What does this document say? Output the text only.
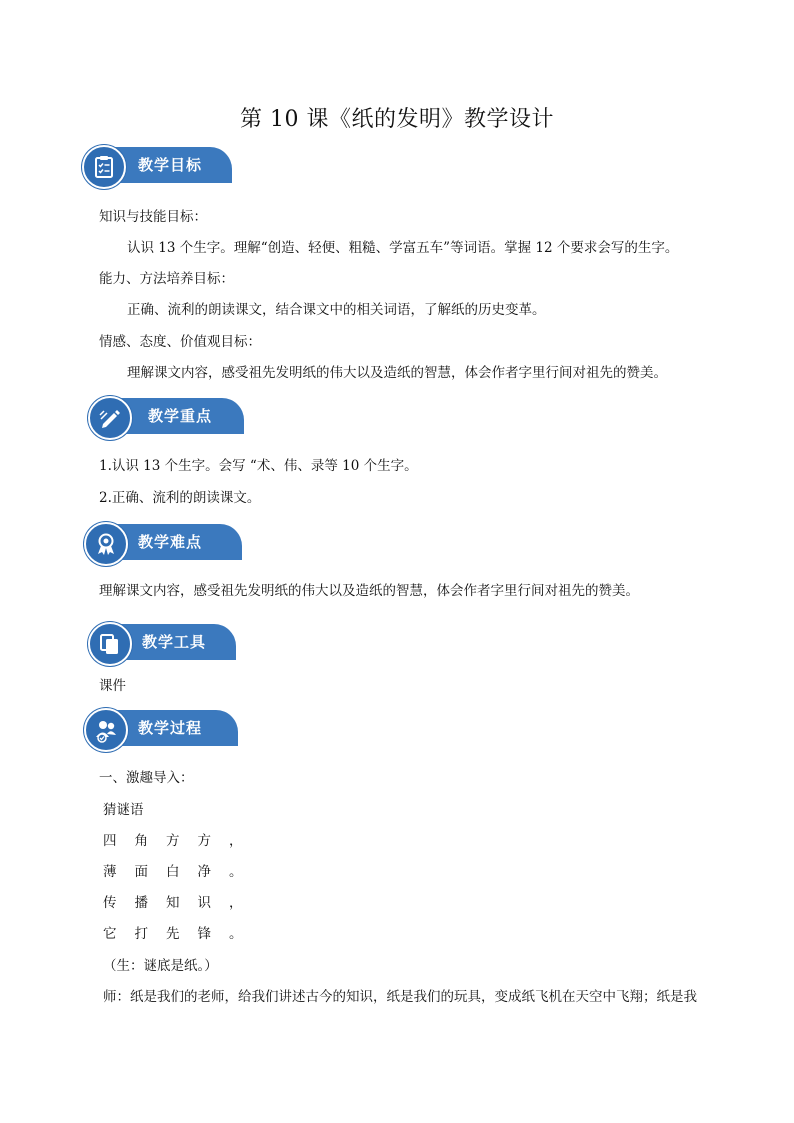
第 10 课《纸的发明》教学设计
教学目标
知识与技能目标：
认识 13 个生字。理解“创造、轻便、粗糙、学富五车”等词语。掌握 12 个要求会写的生字。
能力、方法培养目标：
正确、流利的朗读课文，结合课文中的相关词语，了解纸的历史变革。
情感、态度、价值观目标：
理解课文内容，感受祖先发明纸的伟大以及造纸的智慧，体会作者字里行间对祖先的赞美。
教学重点
1.认识 13 个生字。会写 “术、伟、录等 10 个生字。
2.正确、流利的朗读课文。
教学难点
理解课文内容，感受祖先发明纸的伟大以及造纸的智慧，体会作者字里行间对祖先的赞美。
教学工具
课件
教学过程
一、激趣导入：
猜谜语
四角方方，
薄面白净。
传播知识，
它打先锋。
（生：谜底是纸。）
师：纸是我们的老师，给我们讲述古今的知识，纸是我们的玩具，变成纸飞机在天空中飞翔；纸是我
